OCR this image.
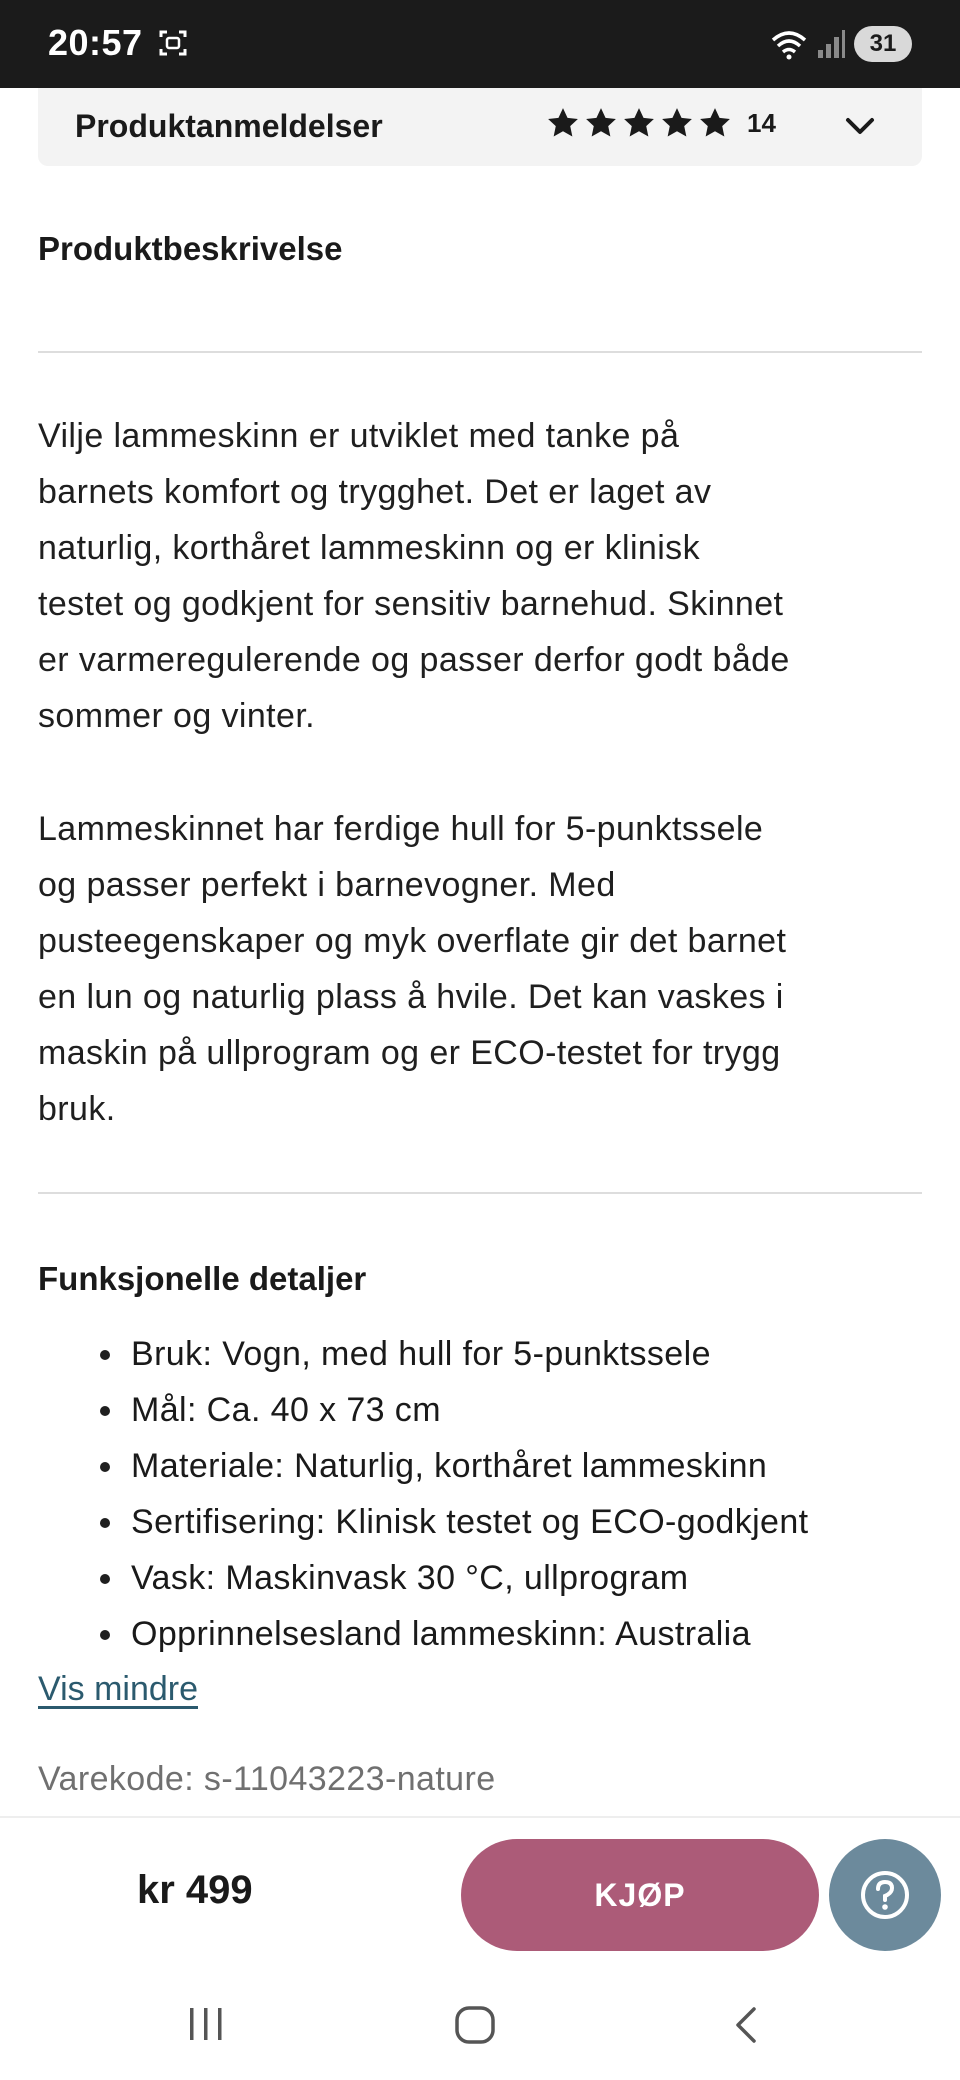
20:57	31
Produktanmeldelser	14
Produktbeskrivelse
Vilje lammeskinn er utviklet med tanke på
barnets komfort og trygghet. Det er laget av
naturlig, korthåret lammeskinn og er klinisk
testet og godkjent for sensitiv barnehud. Skinnet
er varmeregulerende og passer derfor godt både
sommer og vinter.
Lammeskinnet har ferdige hull for 5-punktssele
og passer perfekt i barnevogner. Med
pusteegenskaper og myk overflate gir det barnet
en lun og naturlig plass å hvile. Det kan vaskes i
maskin på ullprogram og er ECO-testet for trygg
bruk.
Funksjonelle detaljer
Bruk: Vogn, med hull for 5-punktssele
Mål: Ca. 40 x 73 cm
Materiale: Naturlig, korthåret lammeskinn
Sertifisering: Klinisk testet og ECO-godkjent
Vask: Maskinvask 30 °C, ullprogram
Opprinnelsesland lammeskinn: Australia
Vis mindre
Varekode: s-11043223-nature
kr 499	KJØP
